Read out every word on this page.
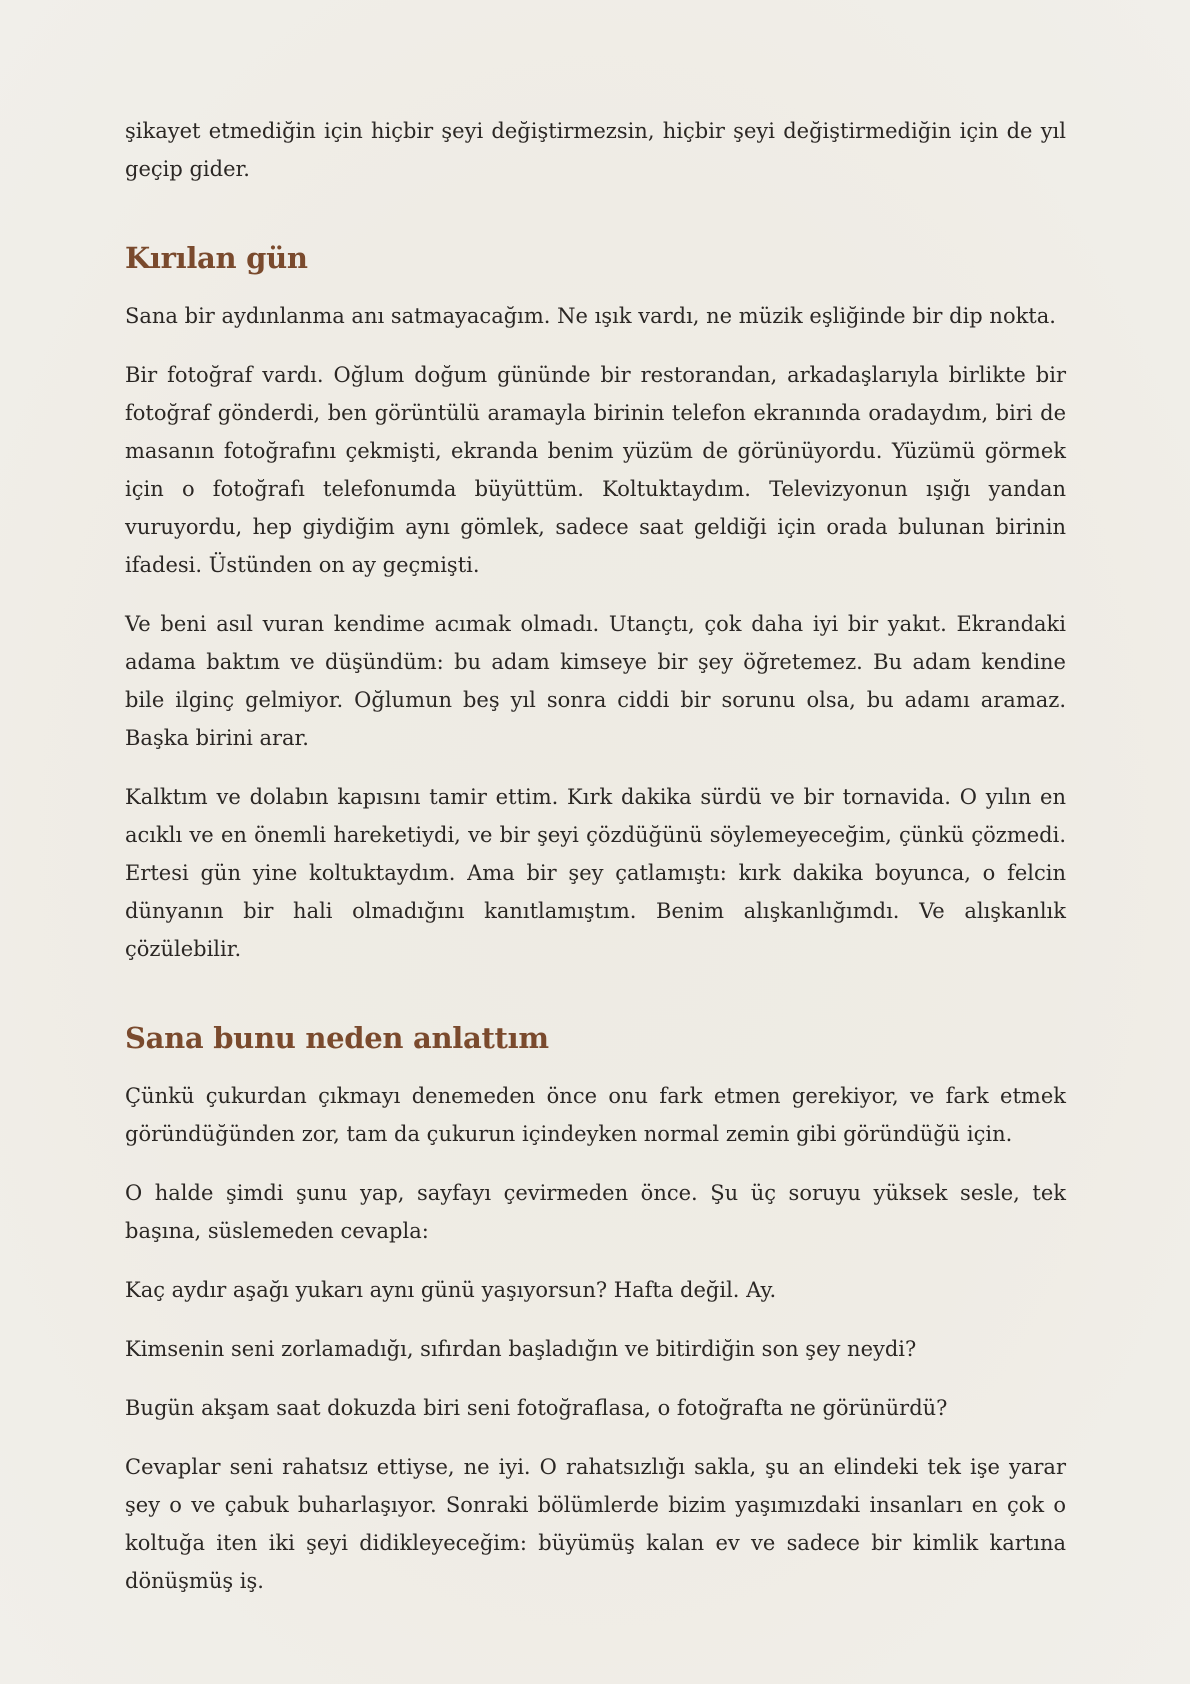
şikayet etmediğin için hiçbir şeyi değiştirmezsin, hiçbir şeyi değiştirmediğin için de yıl geçip gider.

Kırılan gün

Sana bir aydınlanma anı satmayacağım. Ne ışık vardı, ne müzik eşliğinde bir dip nokta.

Bir fotoğraf vardı. Oğlum doğum gününde bir restorandan, arkadaşlarıyla birlikte bir fotoğraf gönderdi, ben görüntülü aramayla birinin telefon ekranında oradaydım, biri de masanın fotoğrafını çekmişti, ekranda benim yüzüm de görünüyordu. Yüzümü görmek için o fotoğrafı telefonumda büyüttüm. Koltuktaydım. Televizyonun ışığı yandan vuruyordu, hep giydiğim aynı gömlek, sadece saat geldiği için orada bulunan birinin ifadesi. Üstünden on ay geçmişti.

Ve beni asıl vuran kendime acımak olmadı. Utançtı, çok daha iyi bir yakıt. Ekrandaki adama baktım ve düşündüm: bu adam kimseye bir şey öğretemez. Bu adam kendine bile ilginç gelmiyor. Oğlumun beş yıl sonra ciddi bir sorunu olsa, bu adamı aramaz. Başka birini arar.

Kalktım ve dolabın kapısını tamir ettim. Kırk dakika sürdü ve bir tornavida. O yılın en acıklı ve en önemli hareketiydi, ve bir şeyi çözdüğünü söylemeyeceğim, çünkü çözmedi. Ertesi gün yine koltuktaydım. Ama bir şey çatlamıştı: kırk dakika boyunca, o felcin dünyanın bir hali olmadığını kanıtlamıştım. Benim alışkanlığımdı. Ve alışkanlık çözülebilir.

Sana bunu neden anlattım

Çünkü çukurdan çıkmayı denemeden önce onu fark etmen gerekiyor, ve fark etmek göründüğünden zor, tam da çukurun içindeyken normal zemin gibi göründüğü için.

O halde şimdi şunu yap, sayfayı çevirmeden önce. Şu üç soruyu yüksek sesle, tek başına, süslemeden cevapla:

Kaç aydır aşağı yukarı aynı günü yaşıyorsun? Hafta değil. Ay.

Kimsenin seni zorlamadığı, sıfırdan başladığın ve bitirdiğin son şey neydi?

Bugün akşam saat dokuzda biri seni fotoğraflasa, o fotoğrafta ne görünürdü?

Cevaplar seni rahatsız ettiyse, ne iyi. O rahatsızlığı sakla, şu an elindeki tek işe yarar şey o ve çabuk buharlaşıyor. Sonraki bölümlerde bizim yaşımızdaki insanları en çok o koltuğa iten iki şeyi didikleyeceğim: büyümüş kalan ev ve sadece bir kimlik kartına dönüşmüş iş.
